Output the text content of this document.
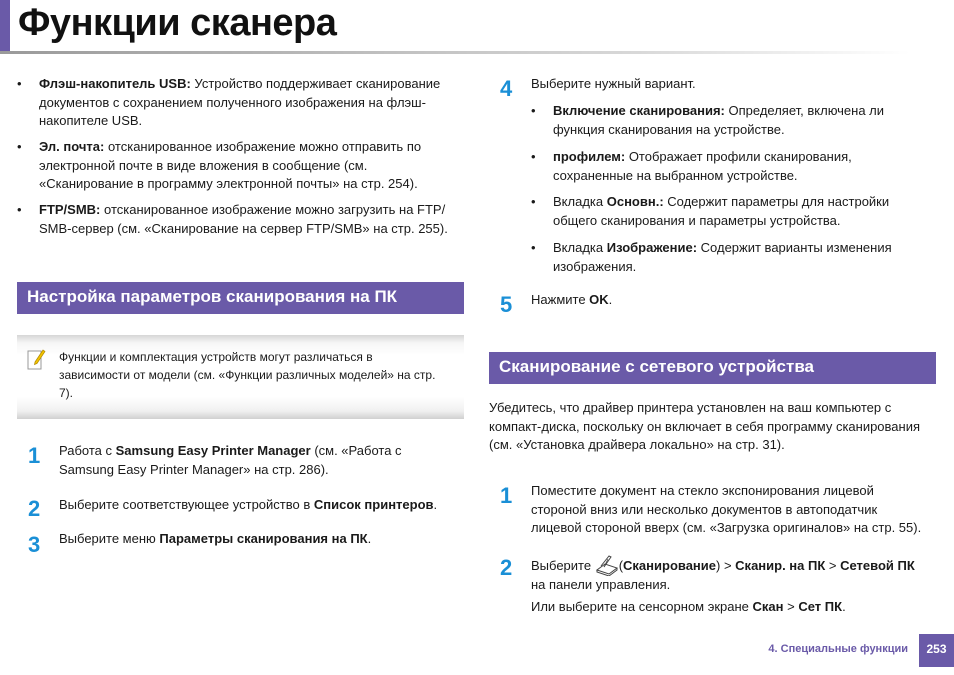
Функции сканера
• Флэш-накопитель USB: Устройство поддерживает сканирование
документов с сохранением полученного изображения на флэш-
накопителе USB.
• Эл. почта: отсканированное изображение можно отправить по
электронной почте в виде вложения в сообщение (см.
«Сканирование в программу электронной почты» на стр. 254).
• FTP/SMB: отсканированное изображение можно загрузить на FTP/
SMB-сервер (см. «Сканирование на сервер FTP/SMB» на стр. 255).
Настройка параметров сканирования на ПК
Функции и комплектация устройств могут различаться в
зависимости от модели (см. «Функции различных моделей» на стр.
7).
1 Работа с Samsung Easy Printer Manager (см. «Работа с
Samsung Easy Printer Manager» на стр. 286).
2 Выберите соответствующее устройство в Список принтеров.
3 Выберите меню Параметры сканирования на ПК.
4 Выберите нужный вариант.
• Включение сканирования: Определяет, включена ли
функция сканирования на устройстве.
• профилем: Отображает профили сканирования,
сохраненные на выбранном устройстве.
• Вкладка Основн.: Содержит параметры для настройки
общего сканирования и параметры устройства.
• Вкладка Изображение: Содержит варианты изменения
изображения.
5 Нажмите OK.
Сканирование с сетевого устройства
Убедитесь, что драйвер принтера установлен на ваш компьютер с
компакт-диска, поскольку он включает в себя программу сканирования
(см. «Установка драйвера локально» на стр. 31).
1 Поместите документ на стекло экспонирования лицевой
стороной вниз или несколько документов в автоподатчик
лицевой стороной вверх (см. «Загрузка оригиналов» на стр. 55).
2 Выберите (Сканирование) > Сканир. на ПК > Сетевой ПК
на панели управления.
Или выберите на сенсорном экране Скан > Сет ПК.
4. Специальные функции	253
